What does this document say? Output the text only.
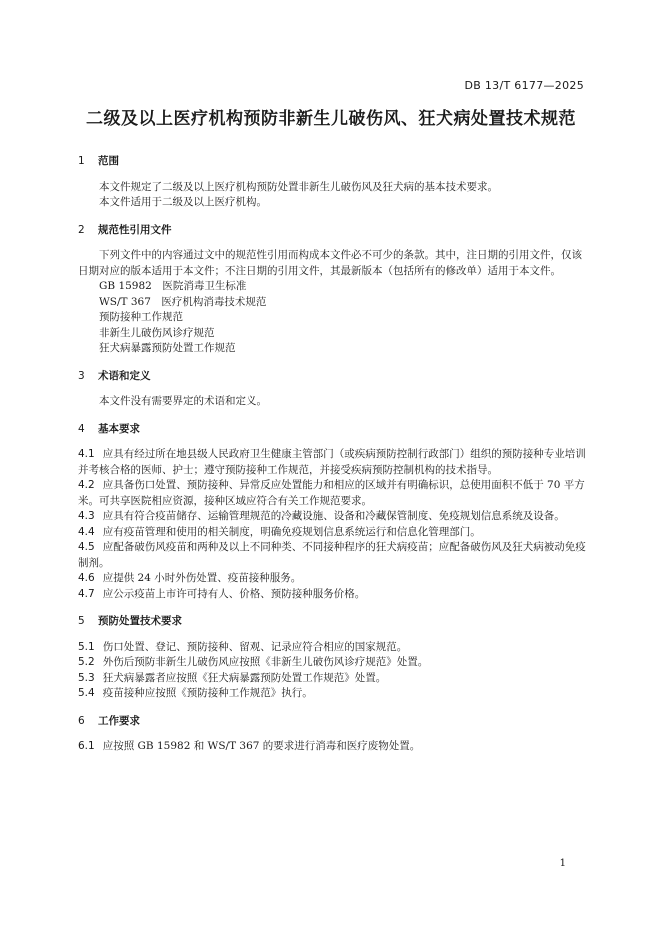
DB 13/T 6177—2025
二级及以上医疗机构预防非新生儿破伤风、狂犬病处置技术规范
1 范围

本文件规定了二级及以上医疗机构预防处置非新生儿破伤风及狂犬病的基本技术要求。

本文件适用于二级及以上医疗机构。

2 规范性引用文件

下列文件中的内容通过文中的规范性引用而构成本文件必不可少的条款。其中，注日期的引用文件，仅该日期对应的版本适用于本文件；不注日期的引用文件，其最新版本（包括所有的修改单）适用于本文件。

GB 15982　医院消毒卫生标准

WS/T 367　医疗机构消毒技术规范

预防接种工作规范

非新生儿破伤风诊疗规范

狂犬病暴露预防处置工作规范

3 术语和定义

本文件没有需要界定的术语和定义。

4 基本要求

4.1 应具有经过所在地县级人民政府卫生健康主管部门（或疾病预防控制行政部门）组织的预防接种专业培训并考核合格的医师、护士；遵守预防接种工作规范，并接受疾病预防控制机构的技术指导。

4.2 应具备伤口处置、预防接种、异常反应处置能力和相应的区域并有明确标识，总使用面积不低于 70 平方米。可共享医院相应资源，接种区域应符合有关工作规范要求。

4.3 应具有符合疫苗储存、运输管理规范的冷藏设施、设备和冷藏保管制度、免疫规划信息系统及设备。

4.4 应有疫苗管理和使用的相关制度，明确免疫规划信息系统运行和信息化管理部门。

4.5 应配备破伤风疫苗和两种及以上不同种类、不同接种程序的狂犬病疫苗；应配备破伤风及狂犬病被动免疫制剂。

4.6 应提供 24 小时外伤处置、疫苗接种服务。

4.7 应公示疫苗上市许可持有人、价格、预防接种服务价格。

5 预防处置技术要求

5.1 伤口处置、登记、预防接种、留观、记录应符合相应的国家规范。

5.2 外伤后预防非新生儿破伤风应按照《非新生儿破伤风诊疗规范》处置。

5.3 狂犬病暴露者应按照《狂犬病暴露预防处置工作规范》处置。

5.4 疫苗接种应按照《预防接种工作规范》执行。

6 工作要求

6.1 应按照 GB 15982 和 WS/T 367 的要求进行消毒和医疗废物处置。

1
